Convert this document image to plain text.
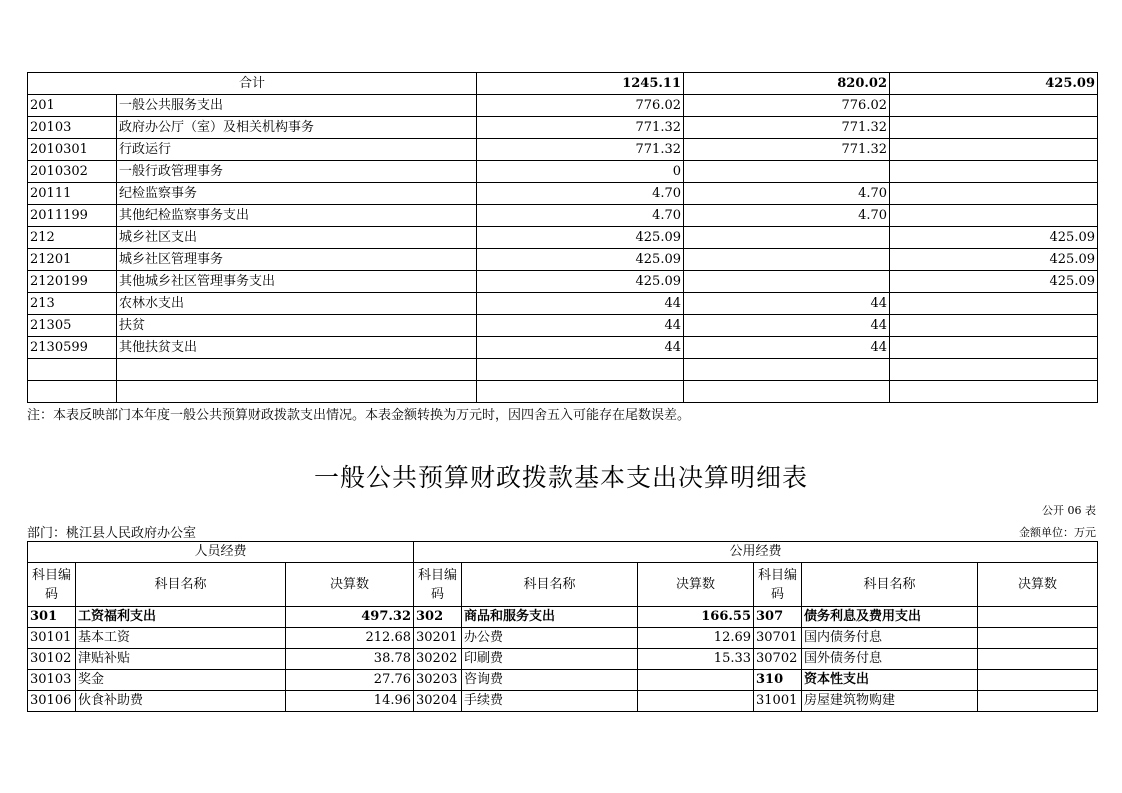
合计		1245.11	820.02	425.09
201	一般公共服务支出	776.02	776.02	
20103	政府办公厅（室）及相关机构事务	771.32	771.32	
2010301	行政运行	771.32	771.32	
2010302	一般行政管理事务	0		
20111	纪检监察事务	4.70	4.70	
2011199	其他纪检监察事务支出	4.70	4.70	
212	城乡社区支出	425.09		425.09
21201	城乡社区管理事务	425.09		425.09
2120199	其他城乡社区管理事务支出	425.09		425.09
213	农林水支出	44	44	
21305	扶贫	44	44	
2130599	其他扶贫支出	44	44	

注：本表反映部门本年度一般公共预算财政拨款支出情况。本表金额转换为万元时，因四舍五入可能存在尾数误差。
一般公共预算财政拨款基本支出决算明细表
公开 06 表
部门：桃江县人民政府办公室	金额单位：万元
人员经费			公用经费					
科目编码	科目名称	决算数	科目编码	科目名称	决算数	科目编码	科目名称	决算数
301	工资福利支出	497.32	302	商品和服务支出	166.55	307	债务利息及费用支出	
30101	基本工资	212.68	30201	办公费	12.69	30701	国内债务付息	
30102	津贴补贴	38.78	30202	印刷费	15.33	30702	国外债务付息	
30103	奖金	27.76	30203	咨询费		310	资本性支出	
30106	伙食补助费	14.96	30204	手续费		31001	房屋建筑物购建	
